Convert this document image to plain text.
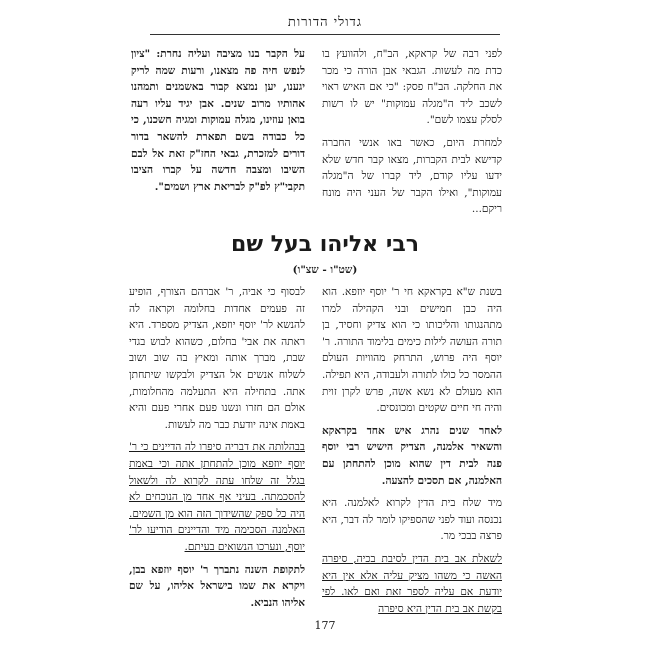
גדולי הדורות

לפני רבה של קראקא, הב"ח, ולהוועץ בו כדת מה לעשות. הגבאי אבן הורה כי מכר את החלקה. הב"ח פסק: "כי אם האיש ראוי לשכב ליד ה"מגלה עמוקות" יש לו רשות לסלק עצמו לשם".

למחרת היום, כאשר באו אנשי החברה קדישא לבית הקברות, מצאו קבר חדש שלא ידעו עליו קודם, ליד קברו של ה"מגלה עמוקות", ואילו הקבר של העני היה מונח ריקם...

על הקבר בנו מציבה ועליה נחרת: "ציון לנפש חיה פה מצאנו, ורעות שמה לריק יגענו, יען נמצא קבור באשמנים ותמהנו אהותיו מרוב שנים. אבן יגיד עליו רעה בואן עוזינו, מגלה עמוקות ומגיה חשכנו, כי כל כבודה בשם תפארת להשאר בדור דורים למזכרת, גבאי החז"ק זאת אל לבם השיבו ומצבה חדשה על קברו הציבו תקבי"ץ לפ"ק לבריאת ארץ ושמים".

רבי אליהו בעל שם
(שט"ו - שצ"ו)

בשנת ש"א בקראקא חי ר' יוסף יוזפא. הוא היה כבן חמישים ובני הקהילה למרו מתהנגותו והליכותו כי הוא צדיק וחסיד, בן תורה העושה לילות כימים בלימוד התורה. ר' יוסף היה פרוש, התרחק מהוויות העולם ההמסר כל כולו לתורה ולעבודה, היא תפילה. הוא מעולם לא נשא אשה, פרש לקרן זוית והיה חי חיים שקטים ומכונסים.

לאחר שנים נהרג איש אחד בקראקא והשאיר אלמנה, הצדיק הישיש רבי יוסף פנה לבית דין שהוא מוכן להתחתן עם האלמנה, אם תסכים להצעה.

מיד שלח בית הדין לקרוא לאלמנה. היא נכנסה ועוד לפני שהספיקו לומר לה דבר, היא פרצה בבכי מר.

לשאלת אב בית הדין לסיבת בכיה, סיפרה האשה כי משהו מציק עליה אלא אין היא יודעת אם עליה לספר זאת ואם לאו. לפי בקשת אב בית הדין היא סיפרה

לבסוף כי אביה, ר' אברהם הצורף, הופיע זה פעמים אחדות בחלומה וקראה לה להנשא לר' יוסף יוזפא, הצדיק מספרד. היא ראתה את אבי' בחלום, כשהוא לבוש בגדי שבת, מברך אותה ומאיץ בה שוב ושוב לשלוח אנשים אל הצדיק ולבקשו שיתחתן אתה. בתחילה היא התעלמה מהחלומות, אולם הם חזרו ונשנו פעם אחרי פעם והיא באמת אינה יודעת כבר מה לעשות.

בבהלותה את דבריה סיפרו לה הדיינים כי ר' יוסף יוזפא מוכן להתחתן אתה וכי באמת בגלל זה שלחו עתה לקרוא לה ולשאול להסכמתה. בעיני אף אחד מן הנוכחים לא היה כל ספק שהשידוך הזה הוא מן השמים. האלמנה הסכימה מיד והדיינים הודיעו לר' יוסף, ונערכו הנשואים בעיתם.

לתקופת השנה נתברך ר' יוסף יוזפא בבן, ויקרא את שמו בישראל אליהו, על שם אליהו הנביא.

177
